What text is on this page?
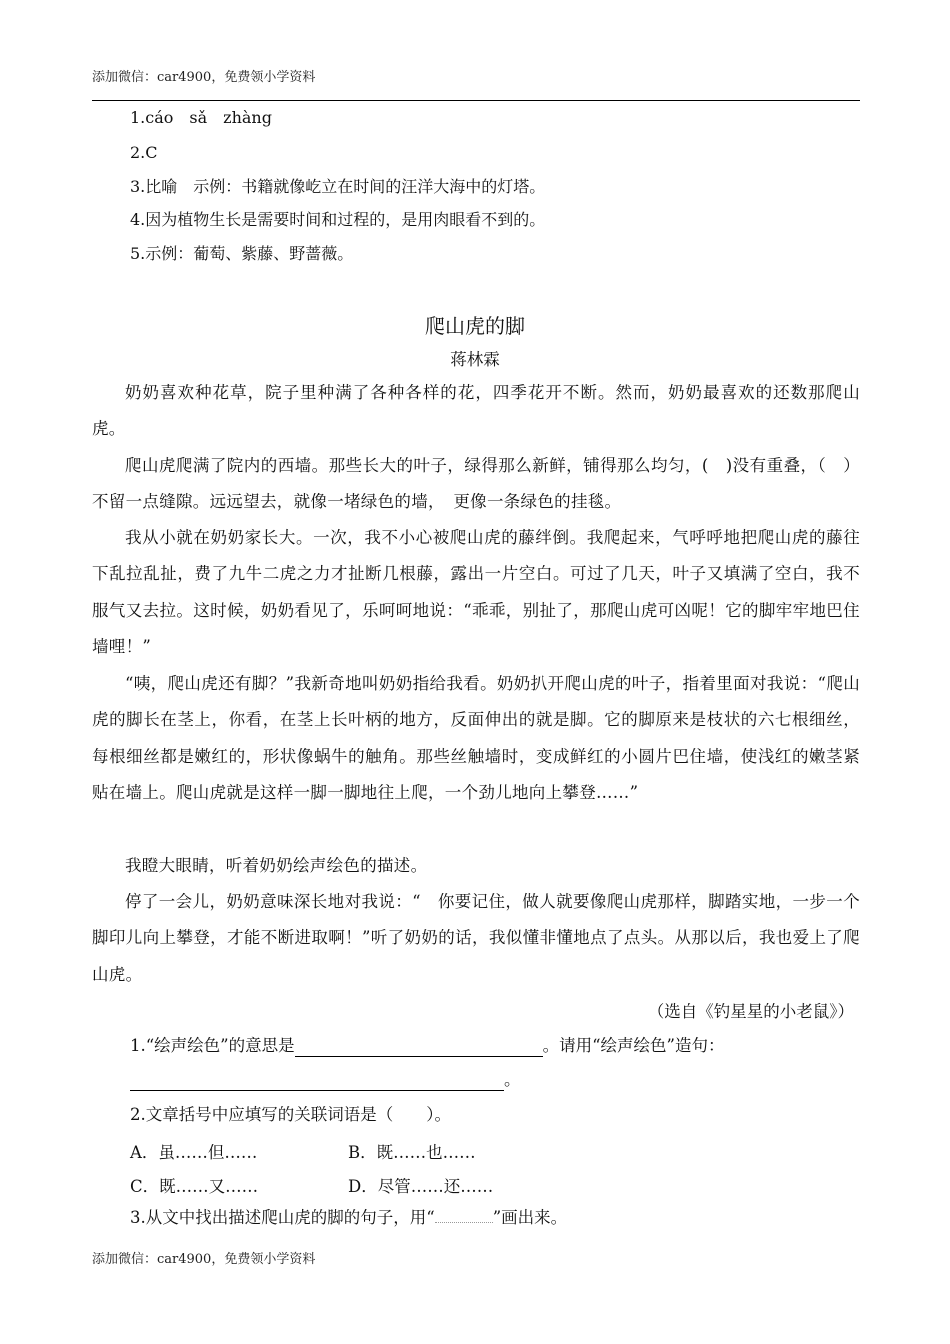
添加微信：car4900，免费领小学资料
1.cáo　sǎ　zhàng
2.C
3.比喻　示例：书籍就像屹立在时间的汪洋大海中的灯塔。
4.因为植物生长是需要时间和过程的，是用肉眼看不到的。
5.示例：葡萄、紫藤、野蔷薇。
爬山虎的脚
蒋林霖
奶奶喜欢种花草，院子里种满了各种各样的花，四季花开不断。然而，奶奶最喜欢的还数那爬山虎。
爬山虎爬满了院内的西墙。那些长大的叶子，绿得那么新鲜，铺得那么均匀，(　)没有重叠，（　）不留一点缝隙。远远望去，就像一堵绿色的墙，　更像一条绿色的挂毯。
我从小就在奶奶家长大。一次，我不小心被爬山虎的藤绊倒。我爬起来，气呼呼地把爬山虎的藤往下乱拉乱扯，费了九牛二虎之力才扯断几根藤，露出一片空白。可过了几天，叶子又填满了空白，我不服气又去拉。这时候，奶奶看见了，乐呵呵地说：“乖乖，别扯了，那爬山虎可凶呢！它的脚牢牢地巴住墙哩！”
“咦，爬山虎还有脚？”我新奇地叫奶奶指给我看。奶奶扒开爬山虎的叶子，指着里面对我说：“爬山虎的脚长在茎上，你看，在茎上长叶柄的地方，反面伸出的就是脚。它的脚原来是枝状的六七根细丝，每根细丝都是嫩红的，形状像蜗牛的触角。那些丝触墙时，变成鲜红的小圆片巴住墙，使浅红的嫩茎紧贴在墙上。爬山虎就是这样一脚一脚地往上爬，一个劲儿地向上攀登……”
我瞪大眼睛，听着奶奶绘声绘色的描述。
停了一会儿，奶奶意味深长地对我说：“　你要记住，做人就要像爬山虎那样，脚踏实地，一步一个脚印儿向上攀登，才能不断进取啊！”听了奶奶的话，我似懂非懂地点了点头。从那以后，我也爱上了爬山虎。
（选自《钓星星的小老鼠》）
1.“绘声绘色”的意思是	。请用“绘声绘色”造句：
。
2.文章括号中应填写的关联词语是（　　）。
A．虽……但……	B．既……也……
C．既……又……	D．尽管……还……
3.从文中找出描述爬山虎的脚的句子，用“	”画出来。
添加微信：car4900，免费领小学资料
